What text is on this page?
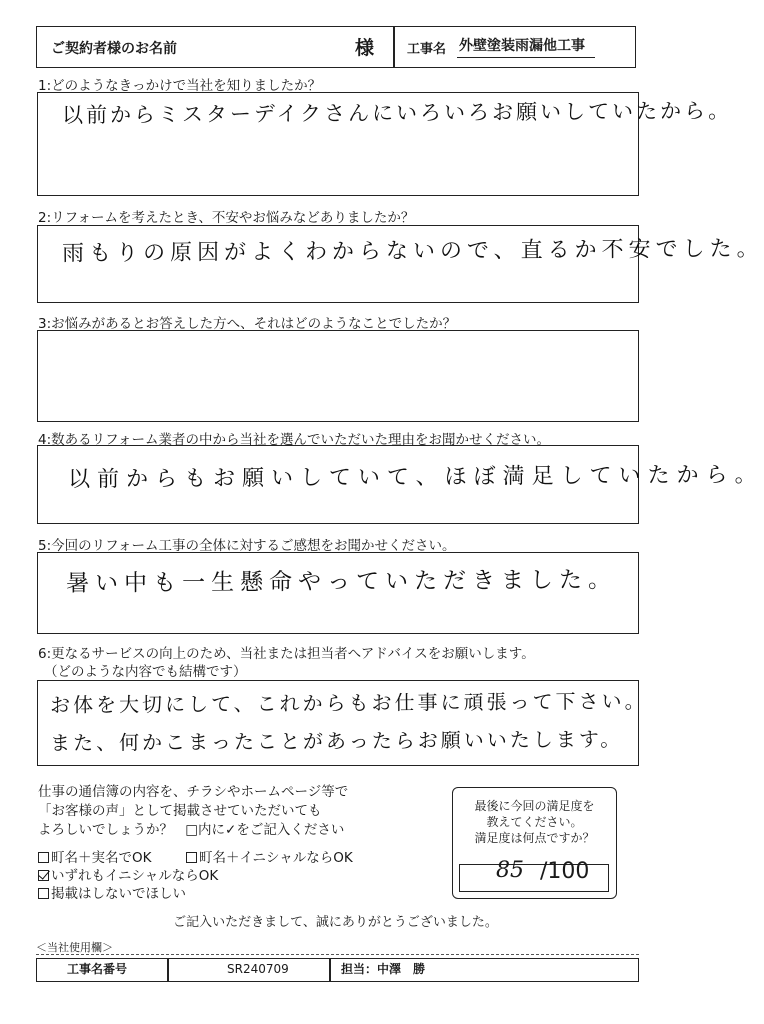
ご契約者様のお名前	様	工事名 外壁塗装雨漏他工事
1:どのようなきっかけで当社を知りましたか？
以前からミスターデイクさんにいろいろお願いしていたから。
2:リフォームを考えたとき、不安やお悩みなどありましたか？
雨もりの原因がよくわからないので、直るか不安でした。
3:お悩みがあるとお答えした方へ、それはどのようなことでしたか？
4:数あるリフォーム業者の中から当社を選んでいただいた理由をお聞かせください。
以前からもお願いしていて、ほぼ満足していたから。
5:今回のリフォーム工事の全体に対するご感想をお聞かせください。
暑い中も一生懸命やっていただきました。
6:更なるサービスの向上のため、当社または担当者へアドバイスをお願いします。
（どのような内容でも結構です）
お体を大切にして、これからもお仕事に頑張って下さい。
また、何かこまったことがあったらお願いいたします。
仕事の通信簿の内容を、チラシやホームページ等で
「お客様の声」として掲載させていただいても
よろしいでしょうか？ □内に✓をご記入ください
町名＋実名でOK	町名＋イニシャルならOK
いずれもイニシャルならOK
掲載はしないでほしい
最後に今回の満足度を
教えてください。
満足度は何点ですか？
85 /100
ご記入いただきまして、誠にありがとうございました。
＜当社使用欄＞
工事名番号	SR240709	担当：中澤　勝
